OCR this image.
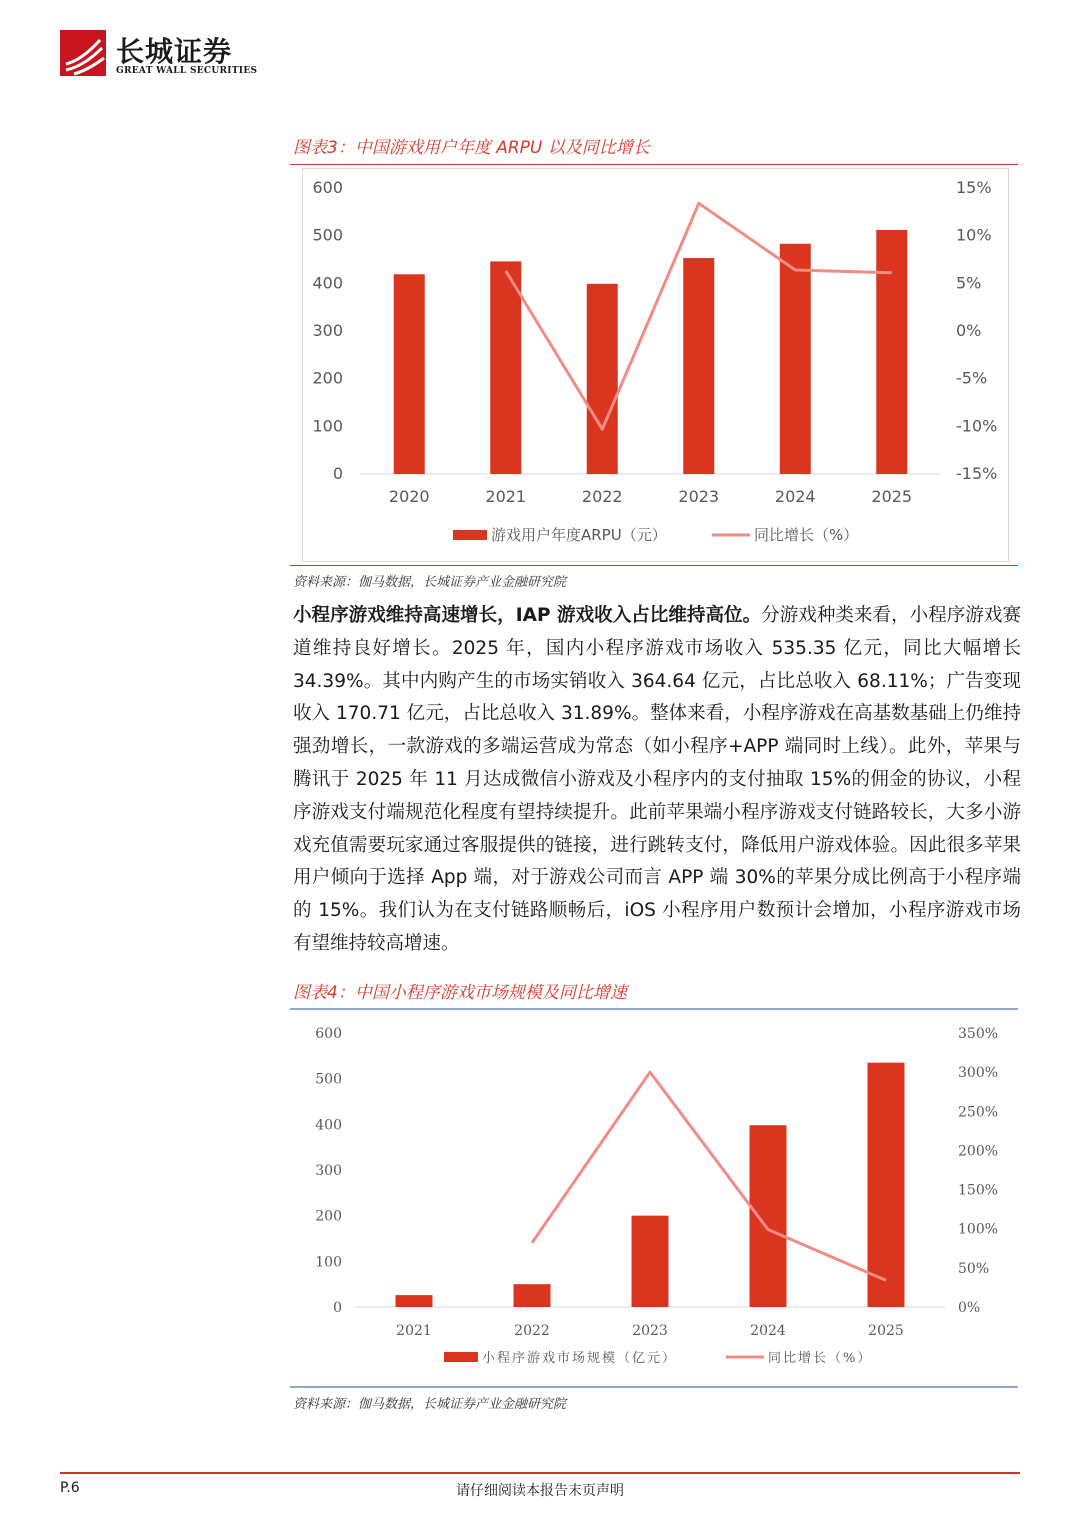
长城证券
GREAT WALL SECURITIES
图表3：中国游戏用户年度 ARPU 以及同比增长
600
500
400
300
200
100
0
15%
10%
5%
0%
-5%
-10%
-15%
2020	2021	2022	2023	2024	2025
游戏用户年度ARPU（元）	同比增长（%）
资料来源：伽马数据，长城证券产业金融研究院
小程序游戏维持高速增长，IAP 游戏收入占比维持高位。分游戏种类来看，小程序游戏赛道维持良好增长。2025 年，国内小程序游戏市场收入 535.35 亿元，同比大幅增长 34.39%。其中内购产生的市场实销收入 364.64 亿元，占比总收入 68.11%；广告变现收入 170.71 亿元，占比总收入 31.89%。整体来看，小程序游戏在高基数基础上仍维持强劲增长，一款游戏的多端运营成为常态（如小程序+APP 端同时上线）。此外，苹果与腾讯于 2025 年 11 月达成微信小游戏及小程序内的支付抽取 15%的佣金的协议，小程序游戏支付端规范化程度有望持续提升。此前苹果端小程序游戏支付链路较长，大多小游戏充值需要玩家通过客服提供的链接，进行跳转支付，降低用户游戏体验。因此很多苹果用户倾向于选择 App 端，对于游戏公司而言 APP 端 30%的苹果分成比例高于小程序端的 15%。我们认为在支付链路顺畅后，iOS 小程序用户数预计会增加，小程序游戏市场有望维持较高增速。
图表4：中国小程序游戏市场规模及同比增速
600
500
400
300
200
100
0
350%
300%
250%
200%
150%
100%
50%
0%
2021	2022	2023	2024	2025
小程序游戏市场规模（亿元）	同比增长（%）
资料来源：伽马数据，长城证券产业金融研究院
P.6	请仔细阅读本报告末页声明
